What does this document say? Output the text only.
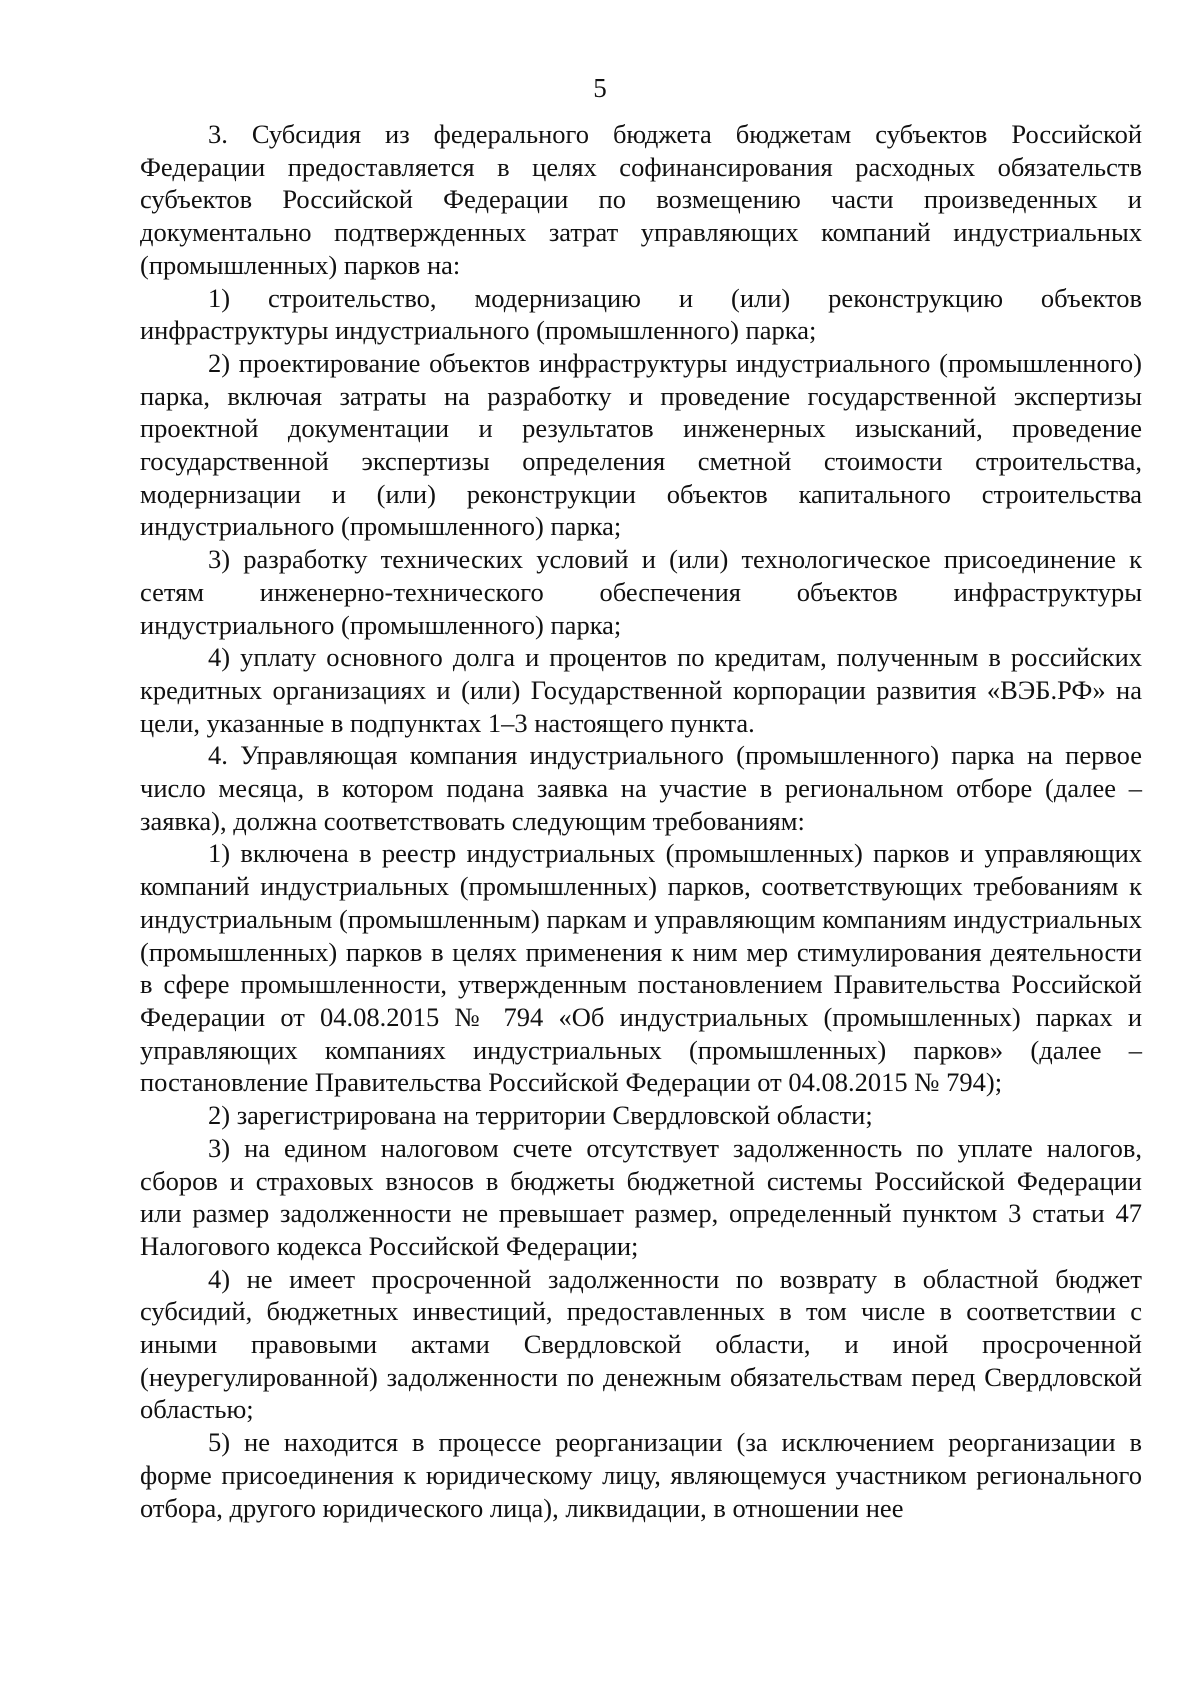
5

3. Субсидия из федерального бюджета бюджетам субъектов Российской Федерации предоставляется в целях софинансирования расходных обязательств субъектов Российской Федерации по возмещению части произведенных и документально подтвержденных затрат управляющих компаний индустриальных (промышленных) парков на:

1) строительство, модернизацию и (или) реконструкцию объектов инфраструктуры индустриального (промышленного) парка;

2) проектирование объектов инфраструктуры индустриального (промышленного) парка, включая затраты на разработку и проведение государственной экспертизы проектной документации и результатов инженерных изысканий, проведение государственной экспертизы определения сметной стоимости строительства, модернизации и (или) реконструкции объектов капитального строительства индустриального (промышленного) парка;

3) разработку технических условий и (или) технологическое присоединение к сетям инженерно-технического обеспечения объектов инфраструктуры индустриального (промышленного) парка;

4) уплату основного долга и процентов по кредитам, полученным в российских кредитных организациях и (или) Государственной корпорации развития «ВЭБ.РФ» на цели, указанные в подпунктах 1–3 настоящего пункта.

4. Управляющая компания индустриального (промышленного) парка на первое число месяца, в котором подана заявка на участие в региональном отборе (далее – заявка), должна соответствовать следующим требованиям:

1) включена в реестр индустриальных (промышленных) парков и управляющих компаний индустриальных (промышленных) парков, соответствующих требованиям к индустриальным (промышленным) паркам и управляющим компаниям индустриальных (промышленных) парков в целях применения к ним мер стимулирования деятельности в сфере промышленности, утвержденным постановлением Правительства Российской Федерации от 04.08.2015 № 794 «Об индустриальных (промышленных) парках и управляющих компаниях индустриальных (промышленных) парков» (далее – постановление Правительства Российской Федерации от 04.08.2015 № 794);

2) зарегистрирована на территории Свердловской области;

3) на едином налоговом счете отсутствует задолженность по уплате налогов, сборов и страховых взносов в бюджеты бюджетной системы Российской Федерации или размер задолженности не превышает размер, определенный пунктом 3 статьи 47 Налогового кодекса Российской Федерации;

4) не имеет просроченной задолженности по возврату в областной бюджет субсидий, бюджетных инвестиций, предоставленных в том числе в соответствии с иными правовыми актами Свердловской области, и иной просроченной (неурегулированной) задолженности по денежным обязательствам перед Свердловской областью;

5) не находится в процессе реорганизации (за исключением реорганизации в форме присоединения к юридическому лицу, являющемуся участником регионального отбора, другого юридического лица), ликвидации, в отношении нее
